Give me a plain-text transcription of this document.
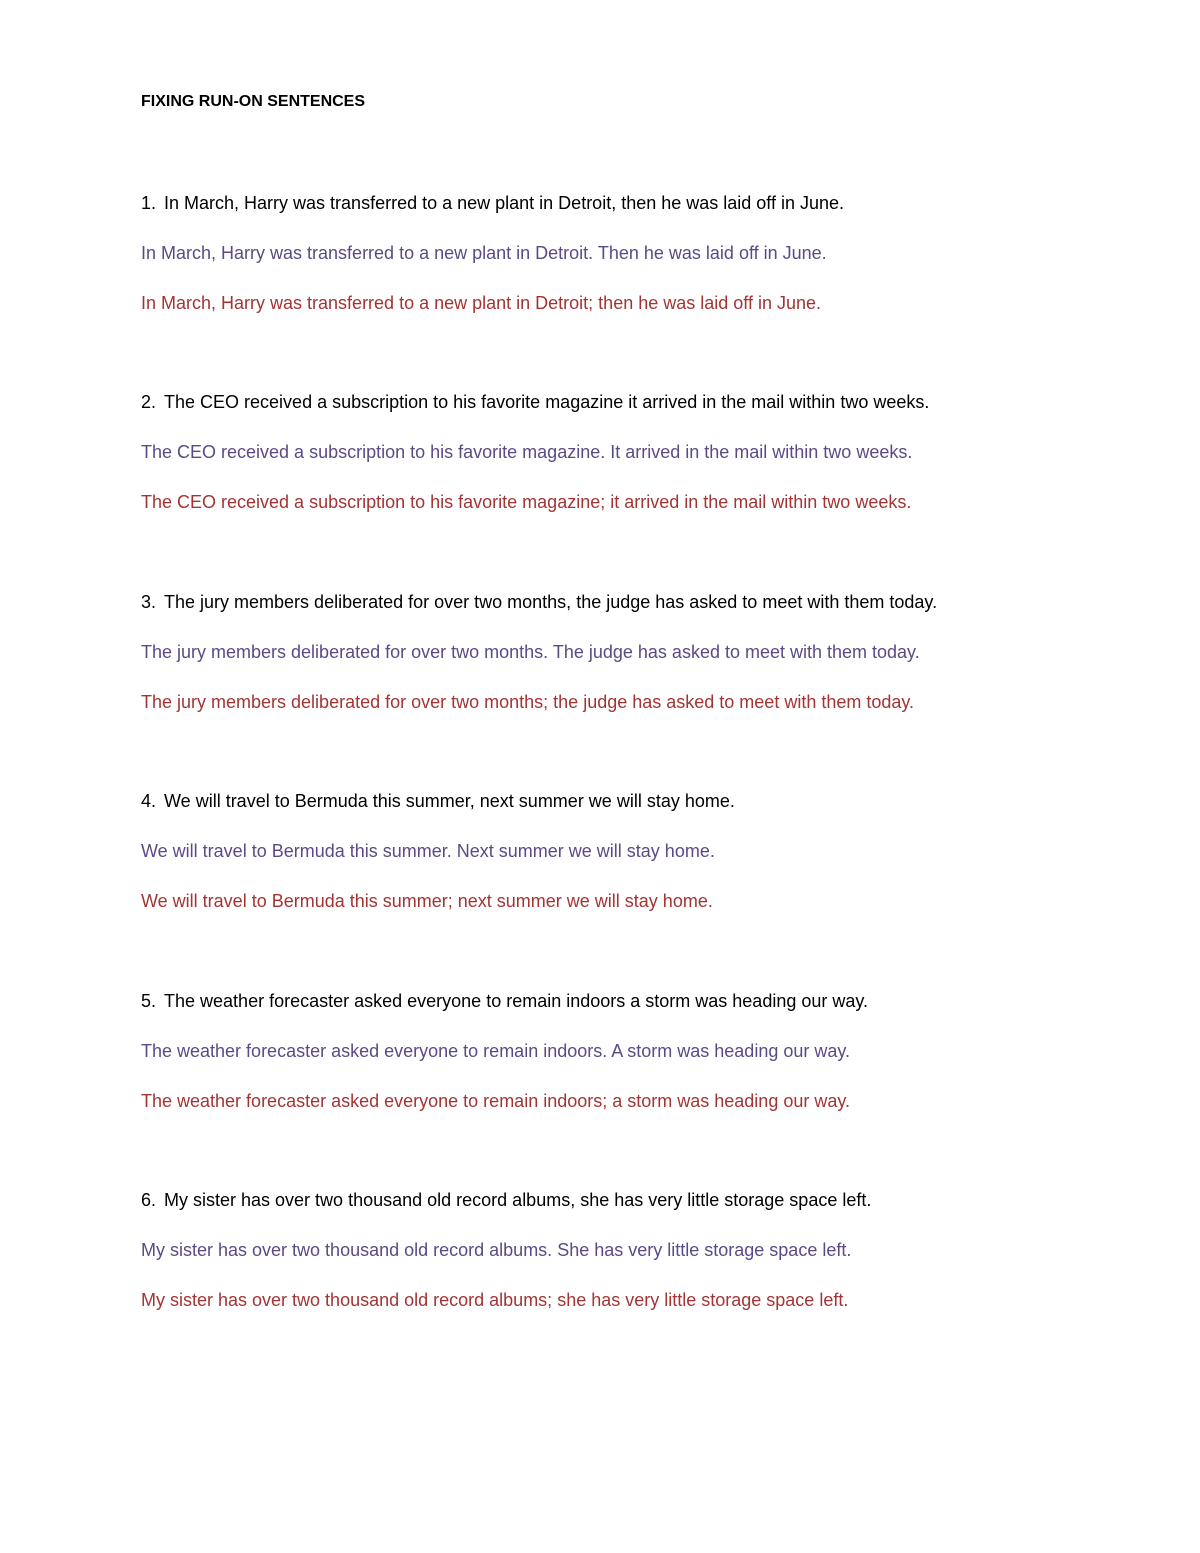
FIXING RUN-ON SENTENCES
1. In March, Harry was transferred to a new plant in Detroit, then he was laid off in June.
In March, Harry was transferred to a new plant in Detroit. Then he was laid off in June.
In March, Harry was transferred to a new plant in Detroit; then he was laid off in June.
2. The CEO received a subscription to his favorite magazine it arrived in the mail within two weeks.
The CEO received a subscription to his favorite magazine. It arrived in the mail within two weeks.
The CEO received a subscription to his favorite magazine; it arrived in the mail within two weeks.
3. The jury members deliberated for over two months, the judge has asked to meet with them today.
The jury members deliberated for over two months. The judge has asked to meet with them today.
The jury members deliberated for over two months; the judge has asked to meet with them today.
4. We will travel to Bermuda this summer, next summer we will stay home.
We will travel to Bermuda this summer. Next summer we will stay home.
We will travel to Bermuda this summer; next summer we will stay home.
5. The weather forecaster asked everyone to remain indoors a storm was heading our way.
The weather forecaster asked everyone to remain indoors. A storm was heading our way.
The weather forecaster asked everyone to remain indoors; a storm was heading our way.
6. My sister has over two thousand old record albums, she has very little storage space left.
My sister has over two thousand old record albums. She has very little storage space left.
My sister has over two thousand old record albums; she has very little storage space left.
